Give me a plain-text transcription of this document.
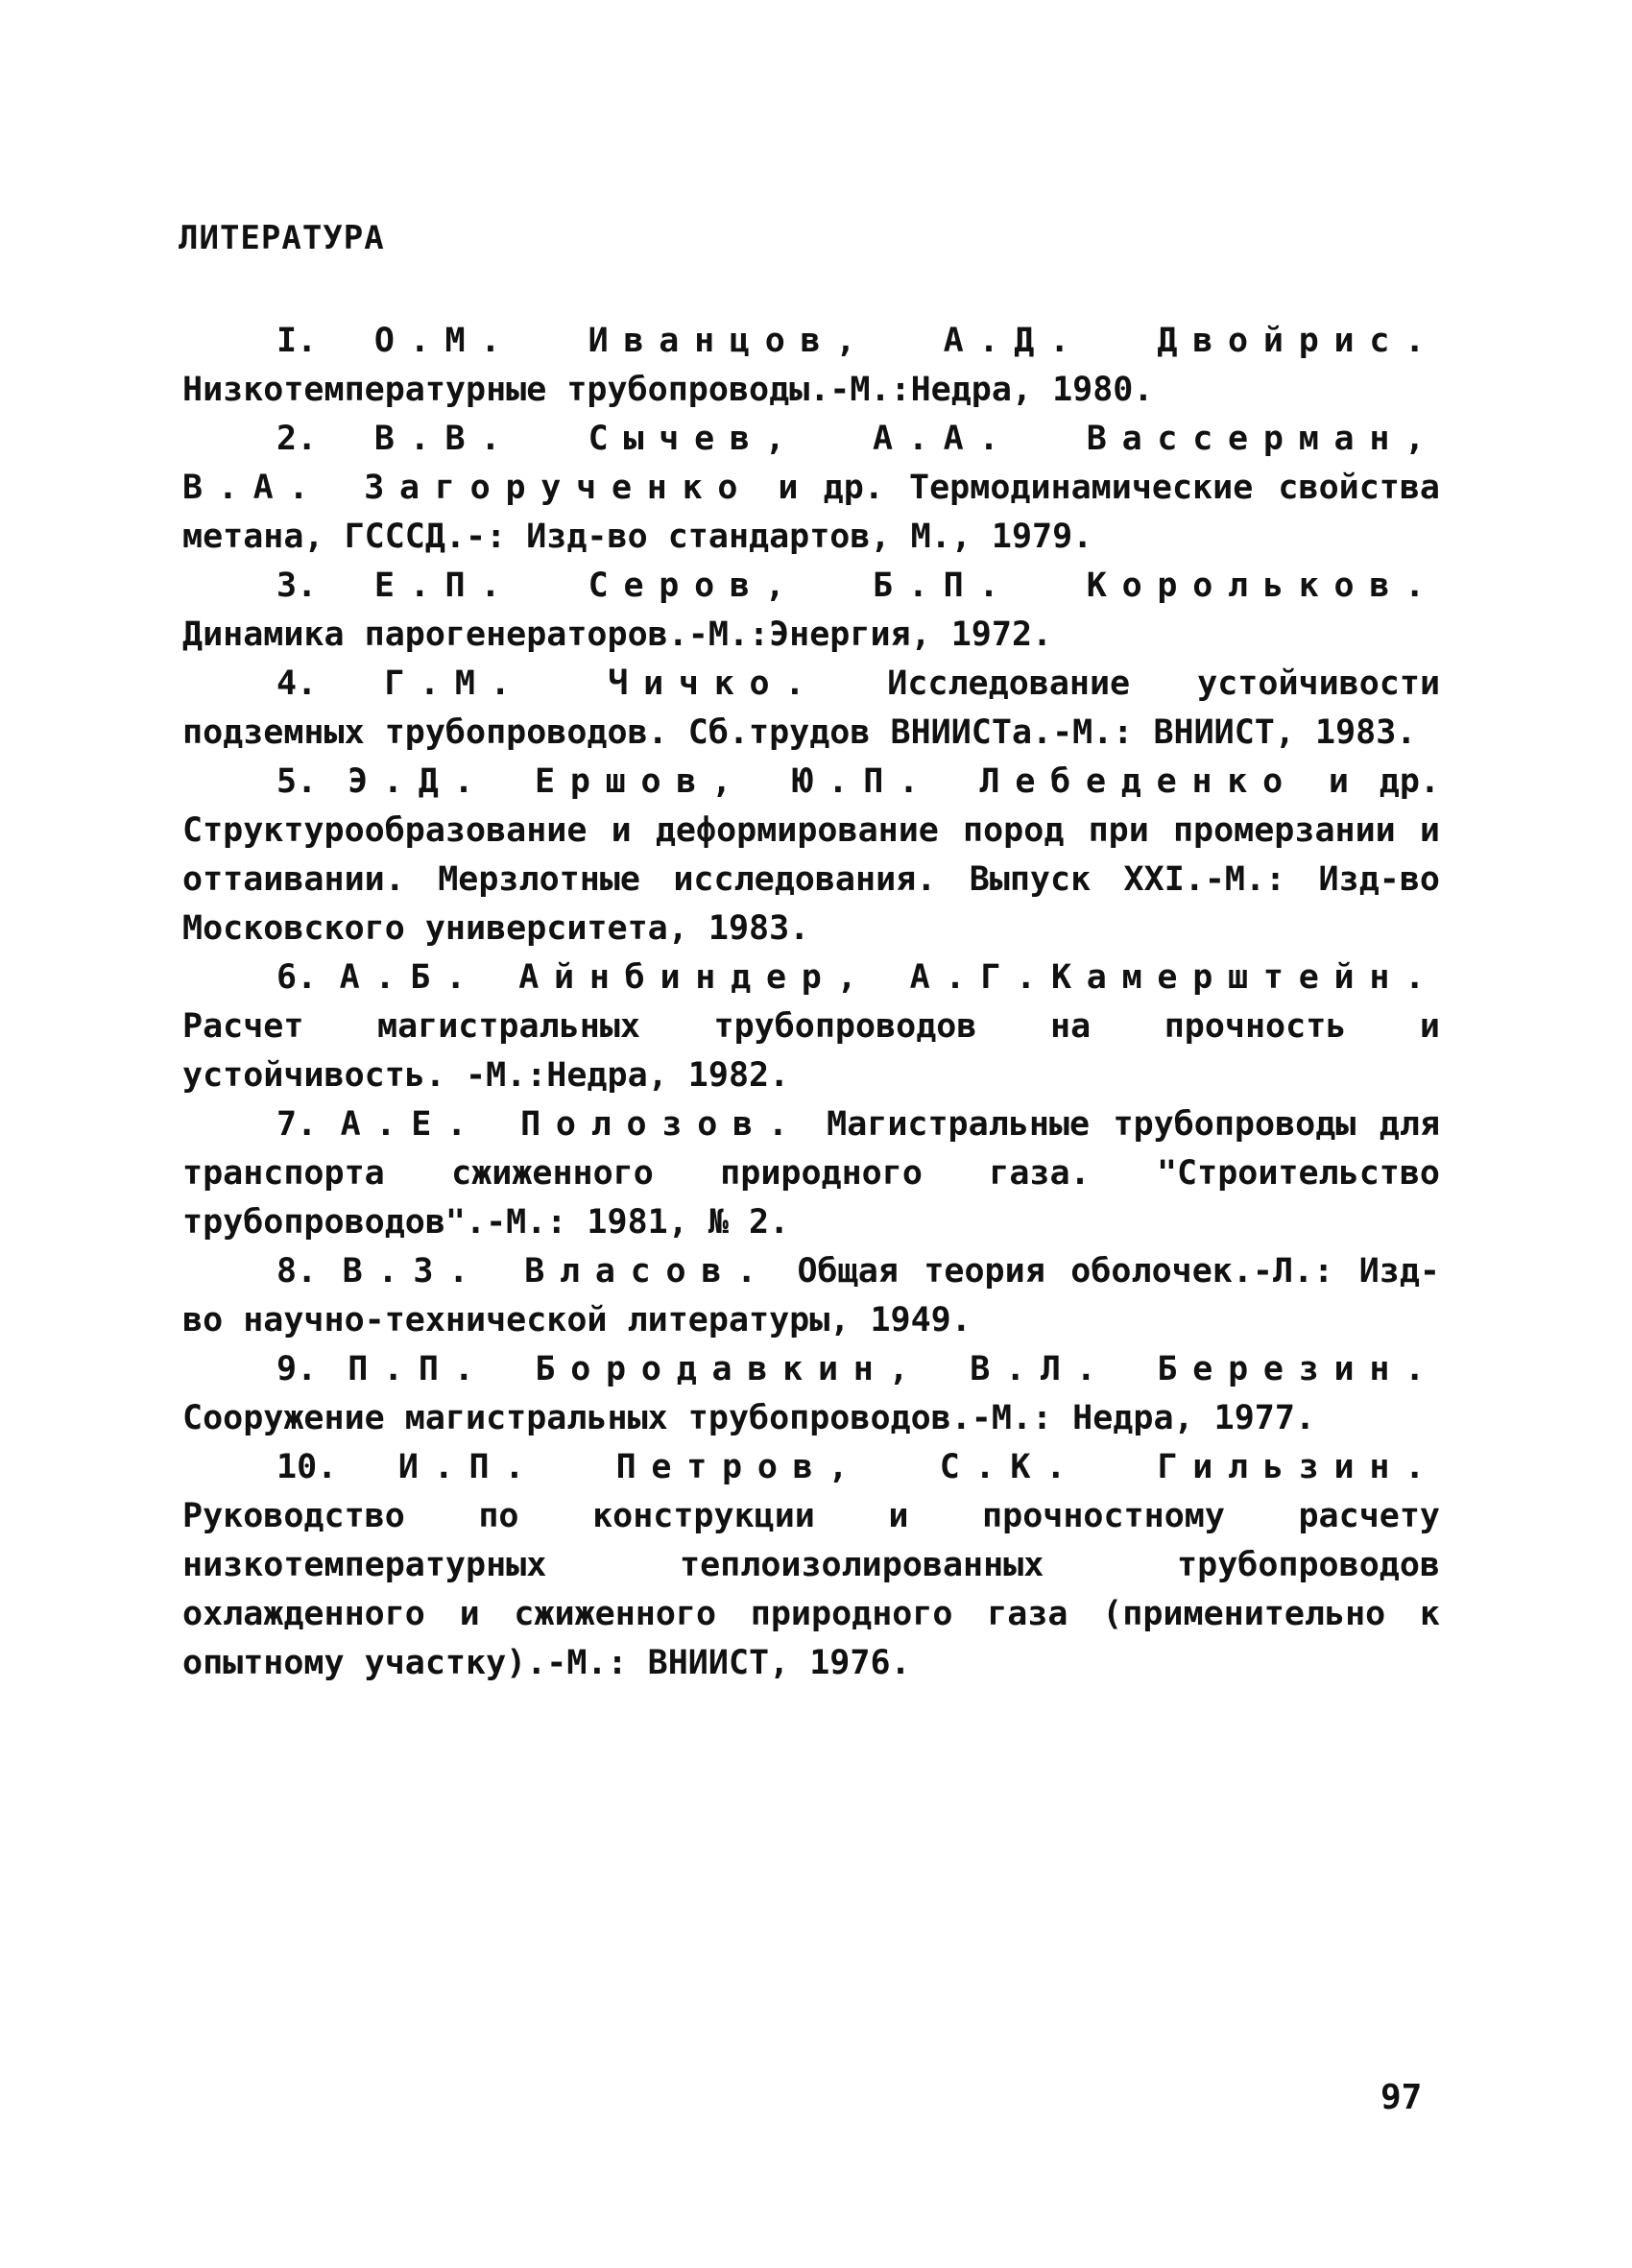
ЛИТЕРАТУРА

I. О.М. Иванцов, А.Д. Двойрис. Низкотемпературные трубопроводы.-М.:Недра, 1980.

2. В.В. Сычев, А.А. Вассерман, В.А. Загорученко и др. Термодинамические свойства метана, ГСССД.-: Изд-во стандартов, М., 1979.

3. Е.П. Серов, Б.П. Корольков. Динамика парогенераторов.-М.:Энергия, 1972.

4. Г.М. Чичко. Исследование устойчивости подземных трубопроводов. Сб.трудов ВНИИСТа.-М.: ВНИИСТ, 1983.

5. Э.Д. Ершов, Ю.П. Лебеденко и др. Структурообразование и деформирование пород при промерзании и оттаивании. Мерзлотные исследования. Выпуск XXI.-М.: Изд-во Московского университета, 1983.

6. А.Б. Айнбиндер, А.Г.Камерштейн. Расчет магистральных трубопроводов на прочность и устойчивость. -М.:Недра, 1982.

7. А.Е. Полозов. Магистральные трубопроводы для транспорта сжиженного природного газа. "Строительство трубопроводов".-М.: 1981, № 2.

8. В.З. Власов. Общая теория оболочек.-Л.: Изд-во научно-технической литературы, 1949.

9. П.П. Бородавкин, В.Л. Березин. Сооружение магистральных трубопроводов.-М.: Недра, 1977.

10. И.П. Петров, С.К. Гильзин. Руководство по конструкции и прочностному расчету низкотемпературных теплоизолированных трубопроводов охлажденного и сжиженного природного газа (применительно к опытному участку).-М.: ВНИИСТ, 1976.

97
